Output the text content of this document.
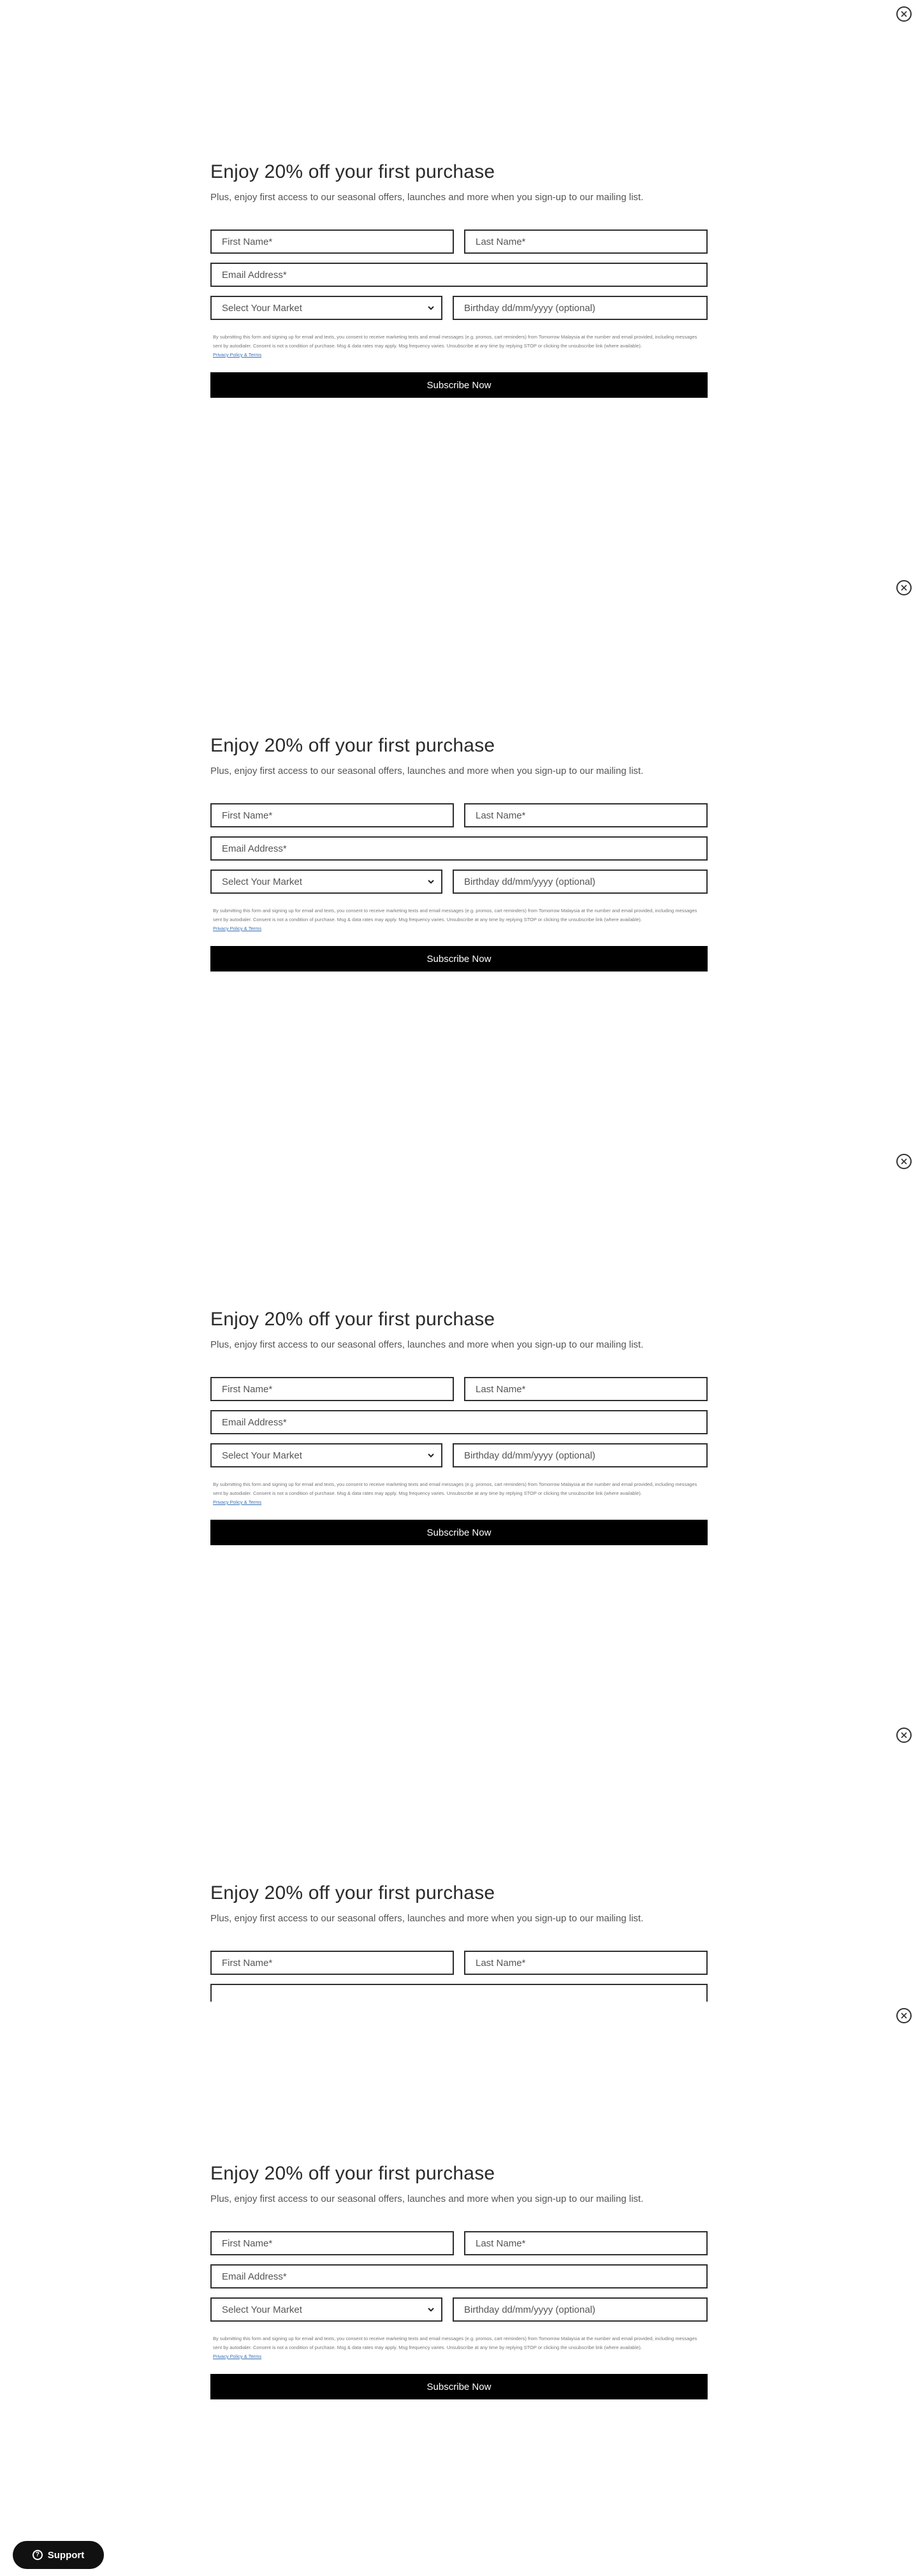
Enjoy 20% off your first purchase

Plus, enjoy first access to our seasonal offers, launches and more when you sign-up to our mailing list.

First Name*
Last Name*
Email Address*
Select Your Market
Birthday dd/mm/yyyy (optional)
By submitting this form and signing up for email and texts, you consent to receive marketing texts and email messages (e.g. promos, cart reminders) from Tomorrow Malaysia at the number and email provided, including messages sent by autodialer. Consent is not a condition of purchase. Msg & data rates may apply. Msg frequency varies. Unsubscribe at any time by replying STOP or clicking the unsubscribe link (where available).
Privacy Policy & Terms
Subscribe Now
Enjoy 20% off your first purchase

Plus, enjoy first access to our seasonal offers, launches and more when you sign-up to our mailing list.

First Name*
Last Name*
Email Address*
Select Your Market
Birthday dd/mm/yyyy (optional)
By submitting this form and signing up for email and texts, you consent to receive marketing texts and email messages (e.g. promos, cart reminders) from Tomorrow Malaysia at the number and email provided, including messages sent by autodialer. Consent is not a condition of purchase. Msg & data rates may apply. Msg frequency varies. Unsubscribe at any time by replying STOP or clicking the unsubscribe link (where available).
Privacy Policy & Terms
Subscribe Now
Enjoy 20% off your first purchase

Plus, enjoy first access to our seasonal offers, launches and more when you sign-up to our mailing list.

First Name*
Last Name*
Email Address*
Select Your Market
Birthday dd/mm/yyyy (optional)
By submitting this form and signing up for email and texts, you consent to receive marketing texts and email messages (e.g. promos, cart reminders) from Tomorrow Malaysia at the number and email provided, including messages sent by autodialer. Consent is not a condition of purchase. Msg & data rates may apply. Msg frequency varies. Unsubscribe at any time by replying STOP or clicking the unsubscribe link (where available).
Privacy Policy & Terms
Subscribe Now
Enjoy 20% off your first purchase

Plus, enjoy first access to our seasonal offers, launches and more when you sign-up to our mailing list.

First Name*
Last Name*
Enjoy 20% off your first purchase

Plus, enjoy first access to our seasonal offers, launches and more when you sign-up to our mailing list.

First Name*
Last Name*
Email Address*
Select Your Market
Birthday dd/mm/yyyy (optional)
By submitting this form and signing up for email and texts, you consent to receive marketing texts and email messages (e.g. promos, cart reminders) from Tomorrow Malaysia at the number and email provided, including messages sent by autodialer. Consent is not a condition of purchase. Msg & data rates may apply. Msg frequency varies. Unsubscribe at any time by replying STOP or clicking the unsubscribe link (where available).
Privacy Policy & Terms
Subscribe Now
? Support
